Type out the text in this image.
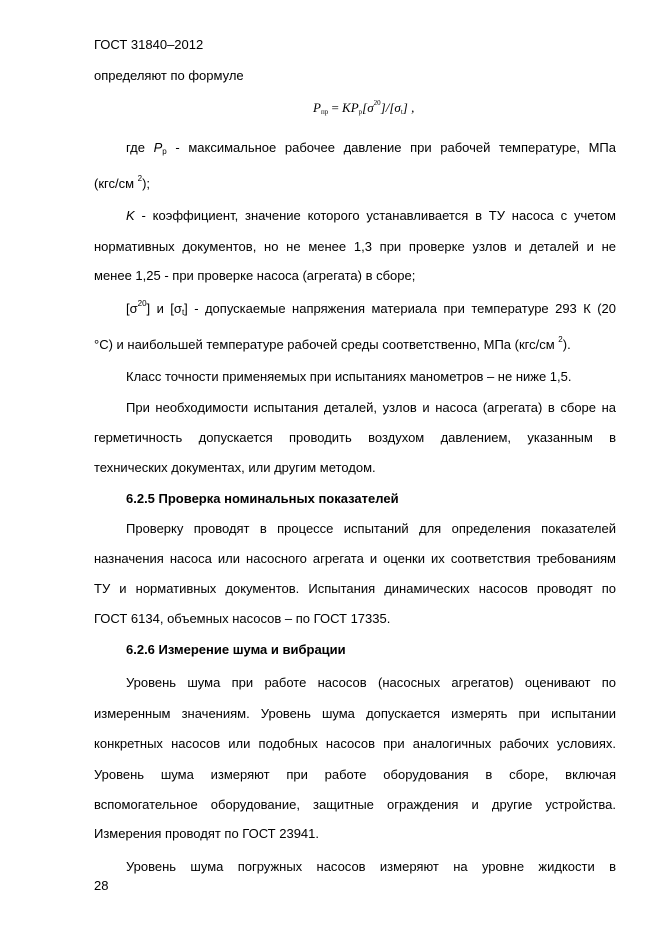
ГОСТ 31840–2012
определяют по формуле
$P_{пр} = KP_р[\sigma^{20}]/[\sigma_t]$ ,
где $P_р$ - максимальное рабочее давление при рабочей температуре, МПа
(кгс/см $^2$);
K - коэффициент, значение которого устанавливается в ТУ насоса с учетом
нормативных документов, но не менее 1,3 при проверке узлов и деталей и не
менее 1,25 - при проверке насоса (агрегата) в сборе;
$[\sigma^{20}]$ и $[\sigma_t]$ - допускаемые напряжения материала при температуре 293 К (20
°С) и наибольшей температуре рабочей среды соответственно, МПа (кгс/см $^2$).
Класс точности применяемых при испытаниях манометров – не ниже 1,5.
При необходимости испытания деталей, узлов и насоса (агрегата) в сборе на
герметичность допускается проводить воздухом давлением, указанным в
технических документах, или другим методом.
6.2.5 Проверка номинальных показателей
Проверку проводят в процессе испытаний для определения показателей
назначения насоса или насосного агрегата и оценки их соответствия требованиям
ТУ и нормативных документов. Испытания динамических насосов проводят по
ГОСТ 6134, объемных насосов – по ГОСТ 17335.
6.2.6 Измерение шума и вибрации
Уровень шума при работе насосов (насосных агрегатов) оценивают по
измеренным значениям. Уровень шума допускается измерять при испытании
конкретных насосов или подобных насосов при аналогичных рабочих условиях.
Уровень шума измеряют при работе оборудования в сборе, включая
вспомогательное оборудование, защитные ограждения и другие устройства.
Измерения проводят по ГОСТ 23941.
Уровень шума погружных насосов измеряют на уровне жидкости в
28
